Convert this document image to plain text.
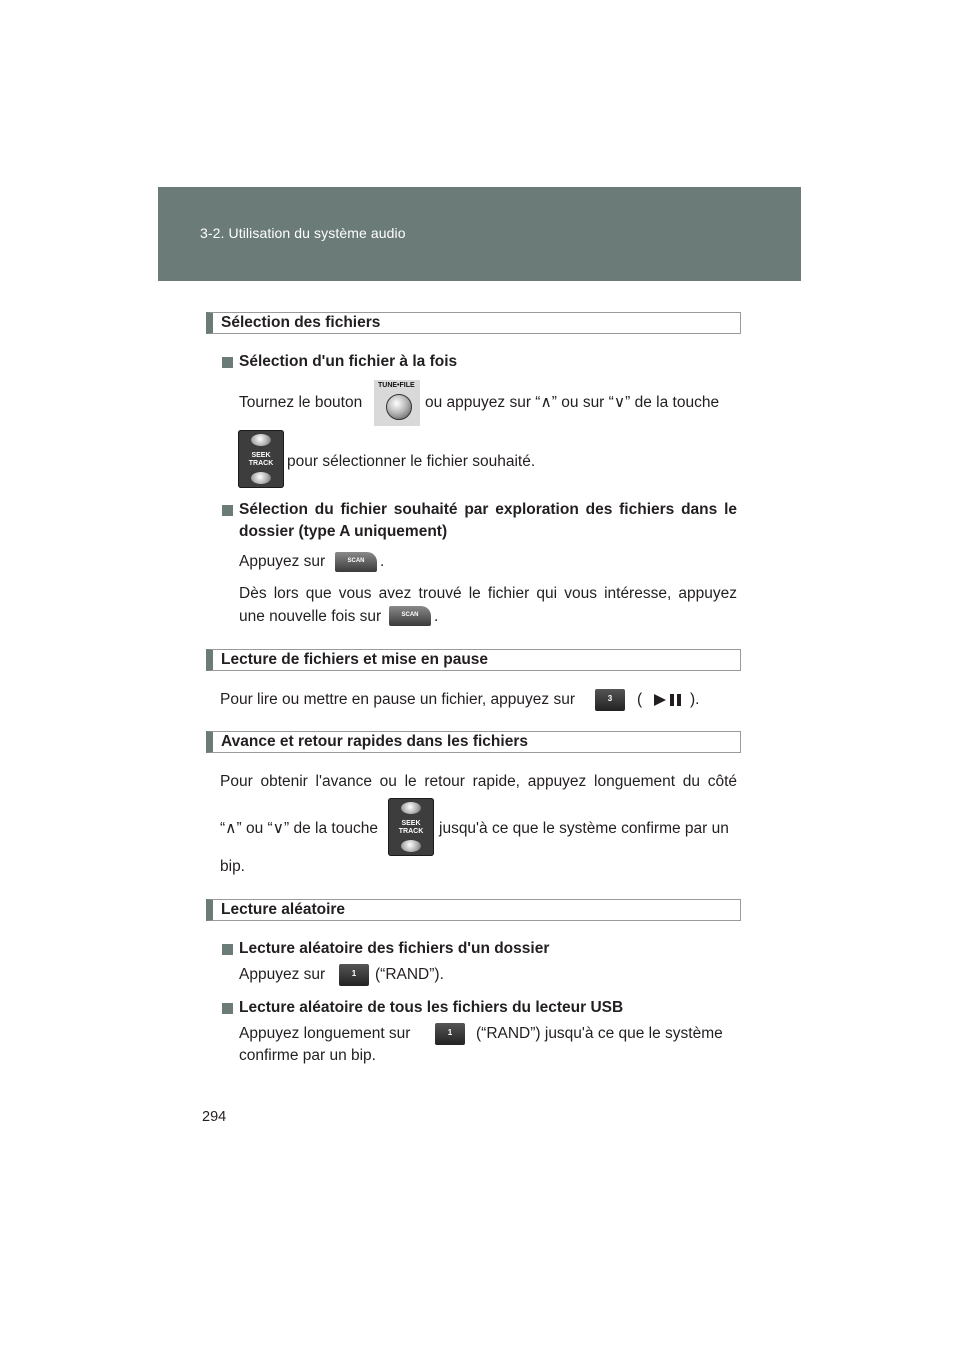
3-2. Utilisation du système audio
Sélection des fichiers
Sélection d'un fichier à la fois
Tournez le bouton
TUNE•FILE
ou appuyez sur “∧” ou sur “∨” de la touche
SEEK
TRACK pour sélectionner le fichier souhaité.
Sélection du fichier souhaité par exploration des fichiers dans le
dossier (type A uniquement)
Appuyez sur	SCAN	.
Dès lors que vous avez trouvé le fichier qui vous intéresse, appuyez
une nouvelle fois sur	SCAN	.
Lecture de fichiers et mise en pause
Pour lire ou mettre en pause un fichier, appuyez sur	3	(	).
Avance et retour rapides dans les fichiers
Pour obtenir l'avance ou le retour rapide, appuyez longuement du côté
“∧” ou “∨” de la touche	SEEK
TRACK	jusqu'à ce que le système confirme par un
bip.
Lecture aléatoire
Lecture aléatoire des fichiers d'un dossier
Appuyez sur	1	(“RAND”).
Lecture aléatoire de tous les fichiers du lecteur USB
Appuyez longuement sur	1	(“RAND”) jusqu'à ce que le système
confirme par un bip.
294
